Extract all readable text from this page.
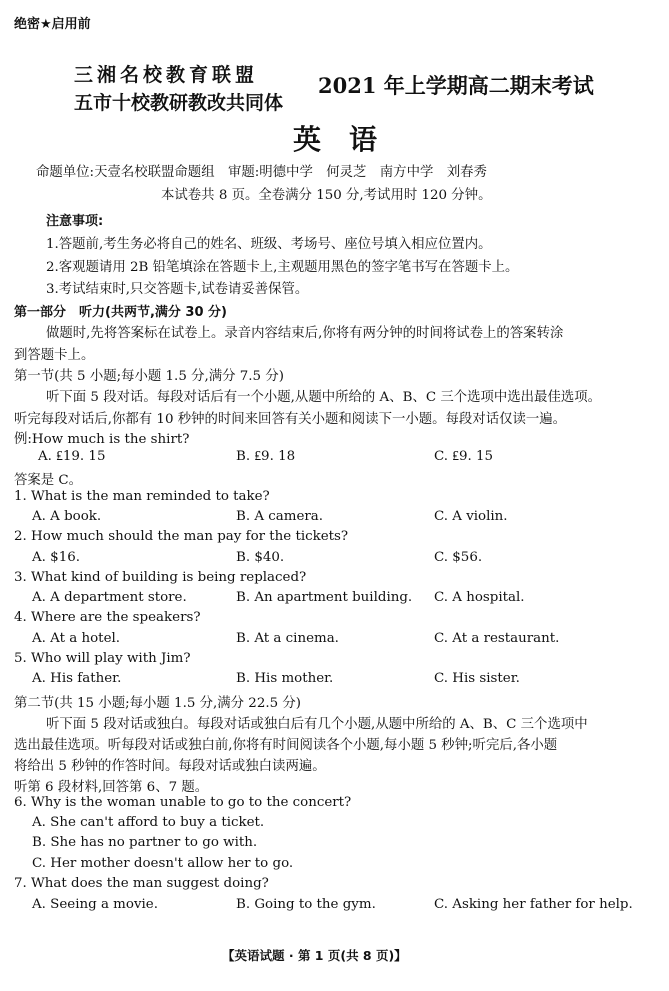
绝密★启用前
三湘名校教育联盟
五市十校教研教改共同体
2021 年上学期高二期末考试
英　语
命题单位:天壹名校联盟命题组　审题:明德中学　何灵芝　南方中学　刘春秀
本试卷共 8 页。全卷满分 150 分,考试用时 120 分钟。
注意事项:
1.答题前,考生务必将自己的姓名、班级、考场号、座位号填入相应位置内。
2.客观题请用 2B 铅笔填涂在答题卡上,主观题用黑色的签字笔书写在答题卡上。
3.考试结束时,只交答题卡,试卷请妥善保管。
第一部分　听力(共两节,满分 30 分)
做题时,先将答案标在试卷上。录音内容结束后,你将有两分钟的时间将试卷上的答案转涂
到答题卡上。
第一节(共 5 小题;每小题 1.5 分,满分 7.5 分)
听下面 5 段对话。每段对话后有一个小题,从题中所给的 A、B、C 三个选项中选出最佳选项。
听完每段对话后,你都有 10 秒钟的时间来回答有关小题和阅读下一小题。每段对话仅读一遍。
例:How much is the shirt?
A. ₤19. 15	B. ₤9. 18	C. ₤9. 15
答案是 C。
1. What is the man reminded to take?
A. A book.	B. A camera.	C. A violin.
2. How much should the man pay for the tickets?
A. $16.	B. $40.	C. $56.
3. What kind of building is being replaced?
A. A department store.	B. An apartment building. C. A hospital.
4. Where are the speakers?
A. At a hotel.	B. At a cinema.	C. At a restaurant.
5. Who will play with Jim?
A. His father.	B. His mother.	C. His sister.
第二节(共 15 小题;每小题 1.5 分,满分 22.5 分)
听下面 5 段对话或独白。每段对话或独白后有几个小题,从题中所给的 A、B、C 三个选项中
选出最佳选项。听每段对话或独白前,你将有时间阅读各个小题,每小题 5 秒钟;听完后,各小题
将给出 5 秒钟的作答时间。每段对话或独白读两遍。
听第 6 段材料,回答第 6、7 题。
6. Why is the woman unable to go to the concert?
A. She can't afford to buy a ticket.
B. She has no partner to go with.
C. Her mother doesn't allow her to go.
7. What does the man suggest doing?
A. Seeing a movie.	B. Going to the gym.	C. Asking her father for help.
【英语试题 · 第 1 页(共 8 页)】
